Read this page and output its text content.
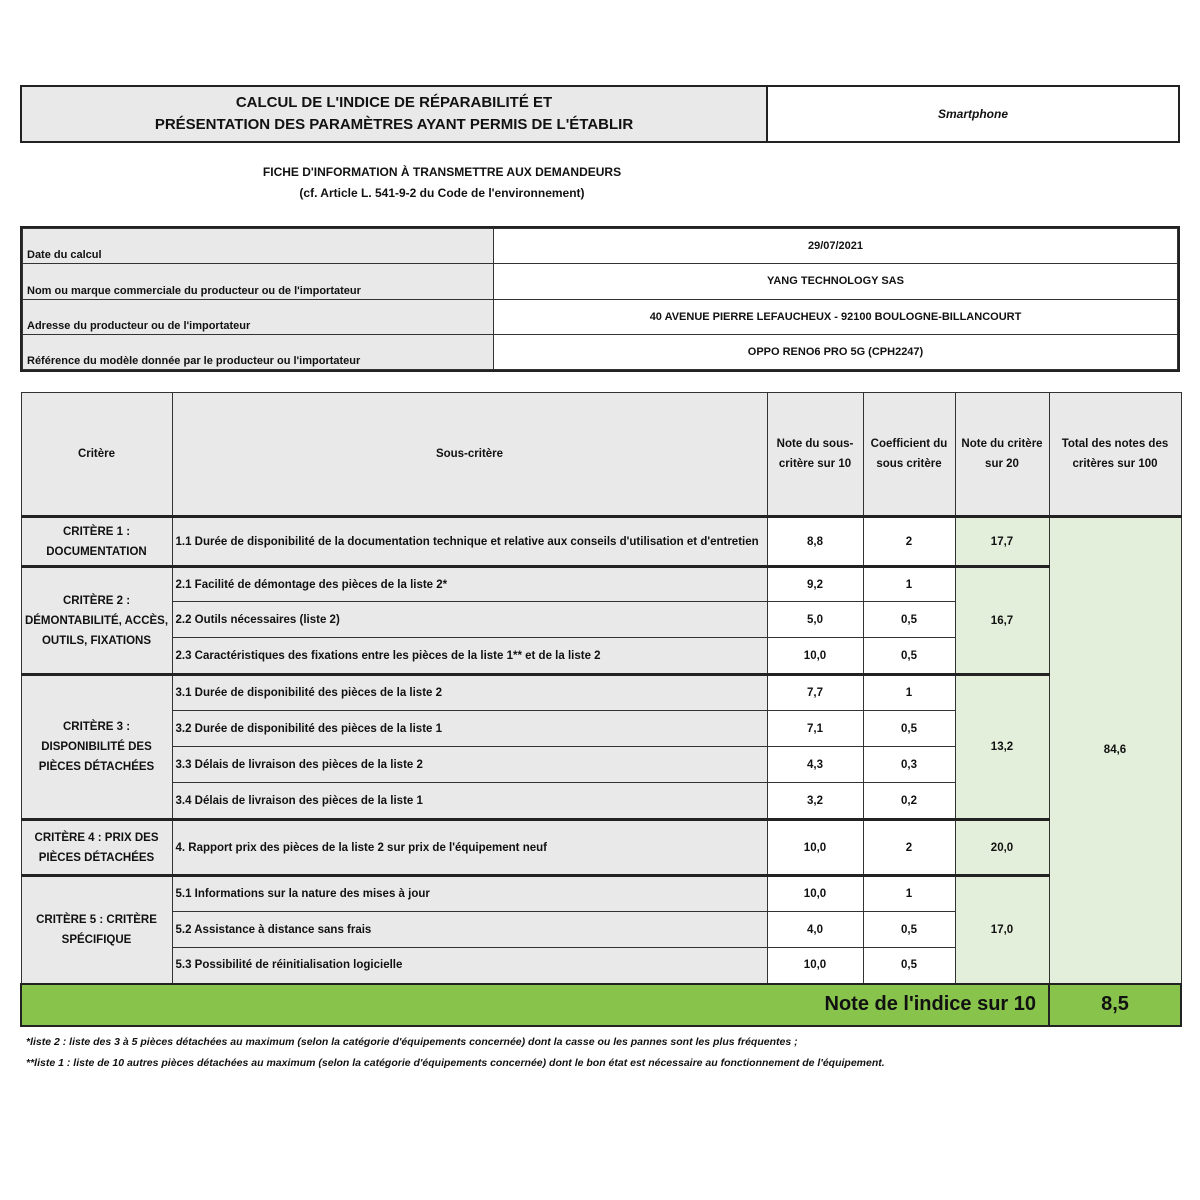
CALCUL DE L'INDICE DE RÉPARABILITÉ ET
PRÉSENTATION DES PARAMÈTRES AYANT PERMIS DE L'ÉTABLIR
Smartphone
FICHE D'INFORMATION À TRANSMETTRE AUX DEMANDEURS
(cf. Article L. 541-9-2 du Code de l'environnement)
Date du calcul	29/07/2021
Nom ou marque commerciale du producteur ou de l'importateur	YANG TECHNOLOGY SAS
Adresse du producteur ou de l'importateur	40 AVENUE PIERRE LEFAUCHEUX - 92100 BOULOGNE-BILLANCOURT
Référence du modèle donnée par le producteur ou l'importateur	OPPO RENO6 PRO 5G (CPH2247)
Critère	Sous-critère	Note du sous-critère sur 10	Coefficient du sous critère	Note du critère sur 20	Total des notes des critères sur 100
CRITÈRE 1 : DOCUMENTATION	1.1 Durée de disponibilité de la documentation technique et relative aux conseils d'utilisation et d'entretien	8,8	2	17,7	84,6
CRITÈRE 2 : DÉMONTABILITÉ, ACCÈS, OUTILS, FIXATIONS	2.1 Facilité de démontage des pièces de la liste 2*	9,2	1	16,7	
	2.2 Outils nécessaires (liste 2)	5,0	0,5		
	2.3 Caractéristiques des fixations entre les pièces de la liste 1** et de la liste 2	10,0	0,5		
CRITÈRE 3 : DISPONIBILITÉ DES PIÈCES DÉTACHÉES	3.1 Durée de disponibilité des pièces de la liste 2	7,7	1	13,2	
	3.2 Durée de disponibilité des pièces de la liste 1	7,1	0,5		
	3.3 Délais de livraison des pièces de la liste 2	4,3	0,3		
	3.4 Délais de livraison des pièces de la liste 1	3,2	0,2		
CRITÈRE 4 : PRIX DES PIÈCES DÉTACHÉES	4. Rapport prix des pièces de la liste 2 sur prix de l'équipement neuf	10,0	2	20,0	
CRITÈRE 5 : CRITÈRE SPÉCIFIQUE	5.1 Informations sur la nature des mises à jour	10,0	1	17,0	
	5.2 Assistance à distance sans frais	4,0	0,5		
	5.3 Possibilité de réinitialisation logicielle	10,0	0,5		
Note de l'indice sur 10					8,5
*liste 2 : liste des 3 à 5 pièces détachées au maximum (selon la catégorie d'équipements concernée) dont la casse ou les pannes sont les plus fréquentes ;
**liste 1 : liste de 10 autres pièces détachées au maximum (selon la catégorie d'équipements concernée) dont le bon état est nécessaire au fonctionnement de l'équipement.
